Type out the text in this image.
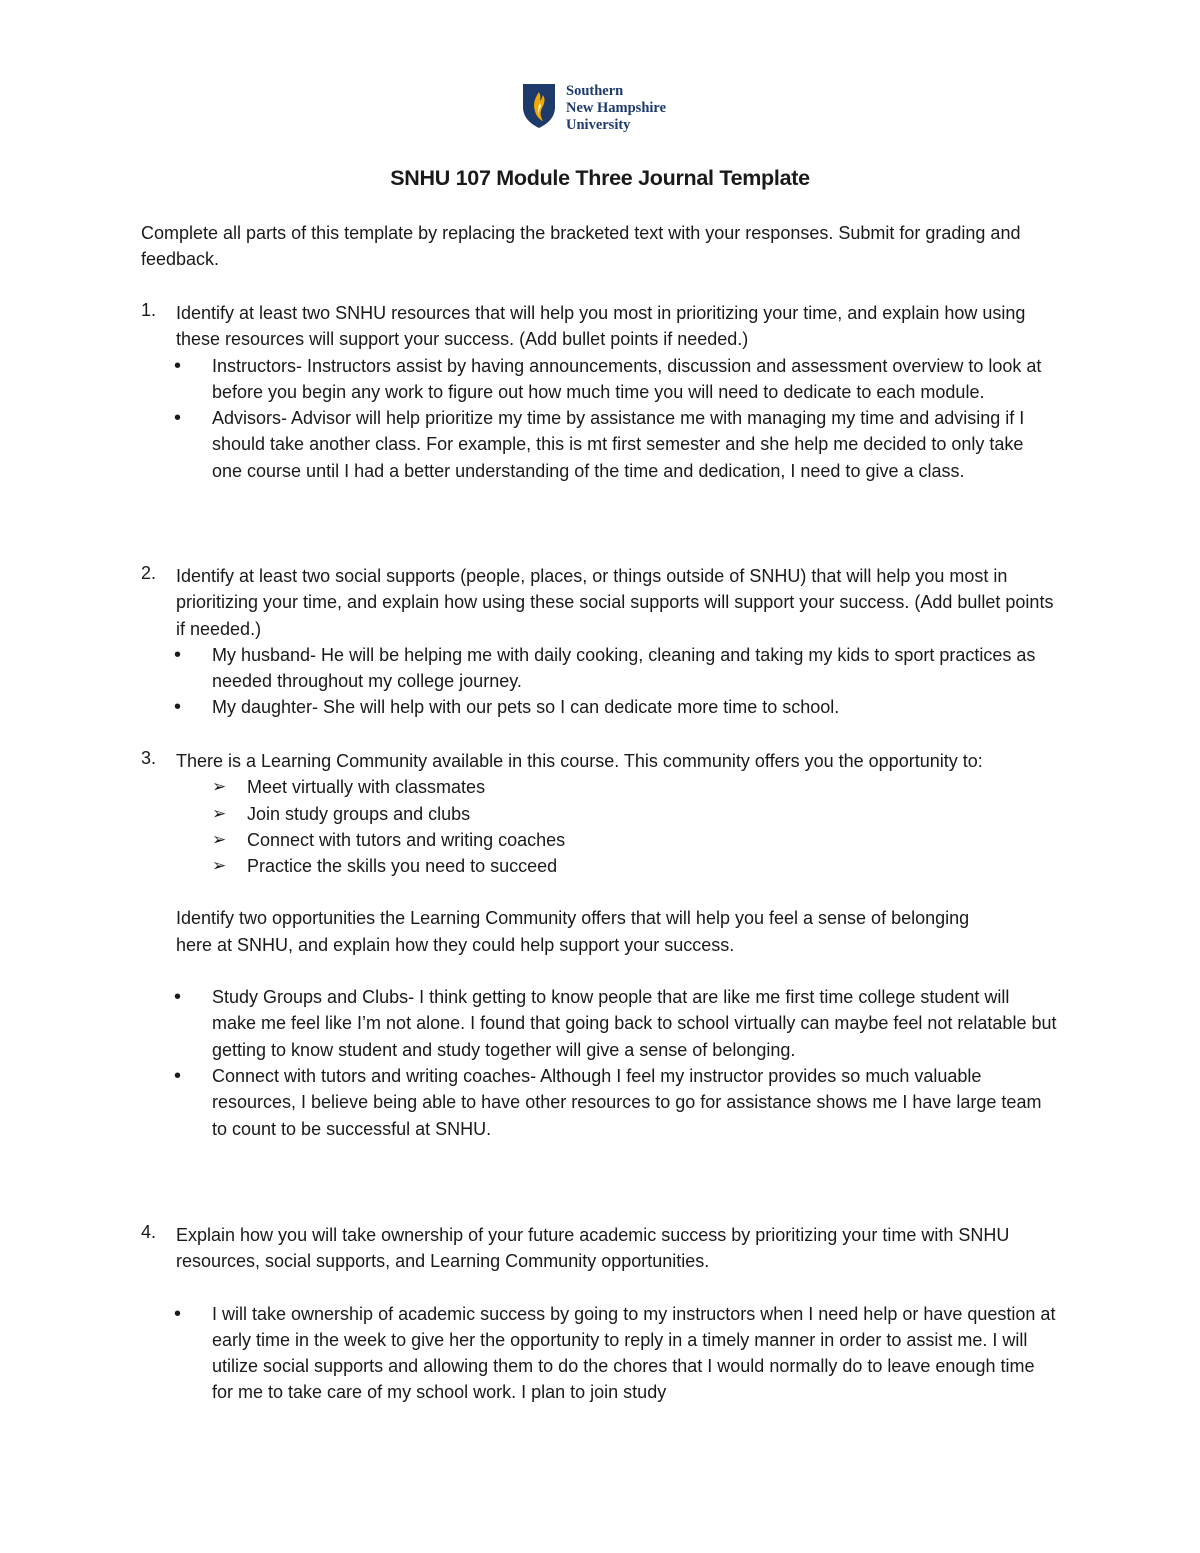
Southern
New Hampshire
University
SNHU 107 Module Three Journal Template
Complete all parts of this template by replacing the bracketed text with your responses. Submit for grading and feedback.
1.	Identify at least two SNHU resources that will help you most in prioritizing your time, and explain how using these resources will support your success. (Add bullet points if needed.)
• Instructors- Instructors assist by having announcements, discussion and assessment overview to look at before you begin any work to figure out how much time you will need to dedicate to each module.
• Advisors- Advisor will help prioritize my time by assistance me with managing my time and advising if I should take another class. For example, this is mt first semester and she help me decided to only take one course until I had a better understanding of the time and dedication, I need to give a class.
2.	Identify at least two social supports (people, places, or things outside of SNHU) that will help you most in prioritizing your time, and explain how using these social supports will support your success. (Add bullet points if needed.)
• My husband- He will be helping me with daily cooking, cleaning and taking my kids to sport practices as needed throughout my college journey.
• My daughter- She will help with our pets so I can dedicate more time to school.
3.	There is a Learning Community available in this course. This community offers you the opportunity to:
➢ Meet virtually with classmates
➢ Join study groups and clubs
➢ Connect with tutors and writing coaches
➢ Practice the skills you need to succeed
Identify two opportunities the Learning Community offers that will help you feel a sense of belonging here at SNHU, and explain how they could help support your success.
• Study Groups and Clubs- I think getting to know people that are like me first time college student will make me feel like I’m not alone. I found that going back to school virtually can maybe feel not relatable but getting to know student and study together will give a sense of belonging.
• Connect with tutors and writing coaches- Although I feel my instructor provides so much valuable resources, I believe being able to have other resources to go for assistance shows me I have large team to count to be successful at SNHU.
4.	Explain how you will take ownership of your future academic success by prioritizing your time with SNHU resources, social supports, and Learning Community opportunities.
• I will take ownership of academic success by going to my instructors when I need help or have question at early time in the week to give her the opportunity to reply in a timely manner in order to assist me. I will utilize social supports and allowing them to do the chores that I would normally do to leave enough time for me to take care of my school work. I plan to join study
